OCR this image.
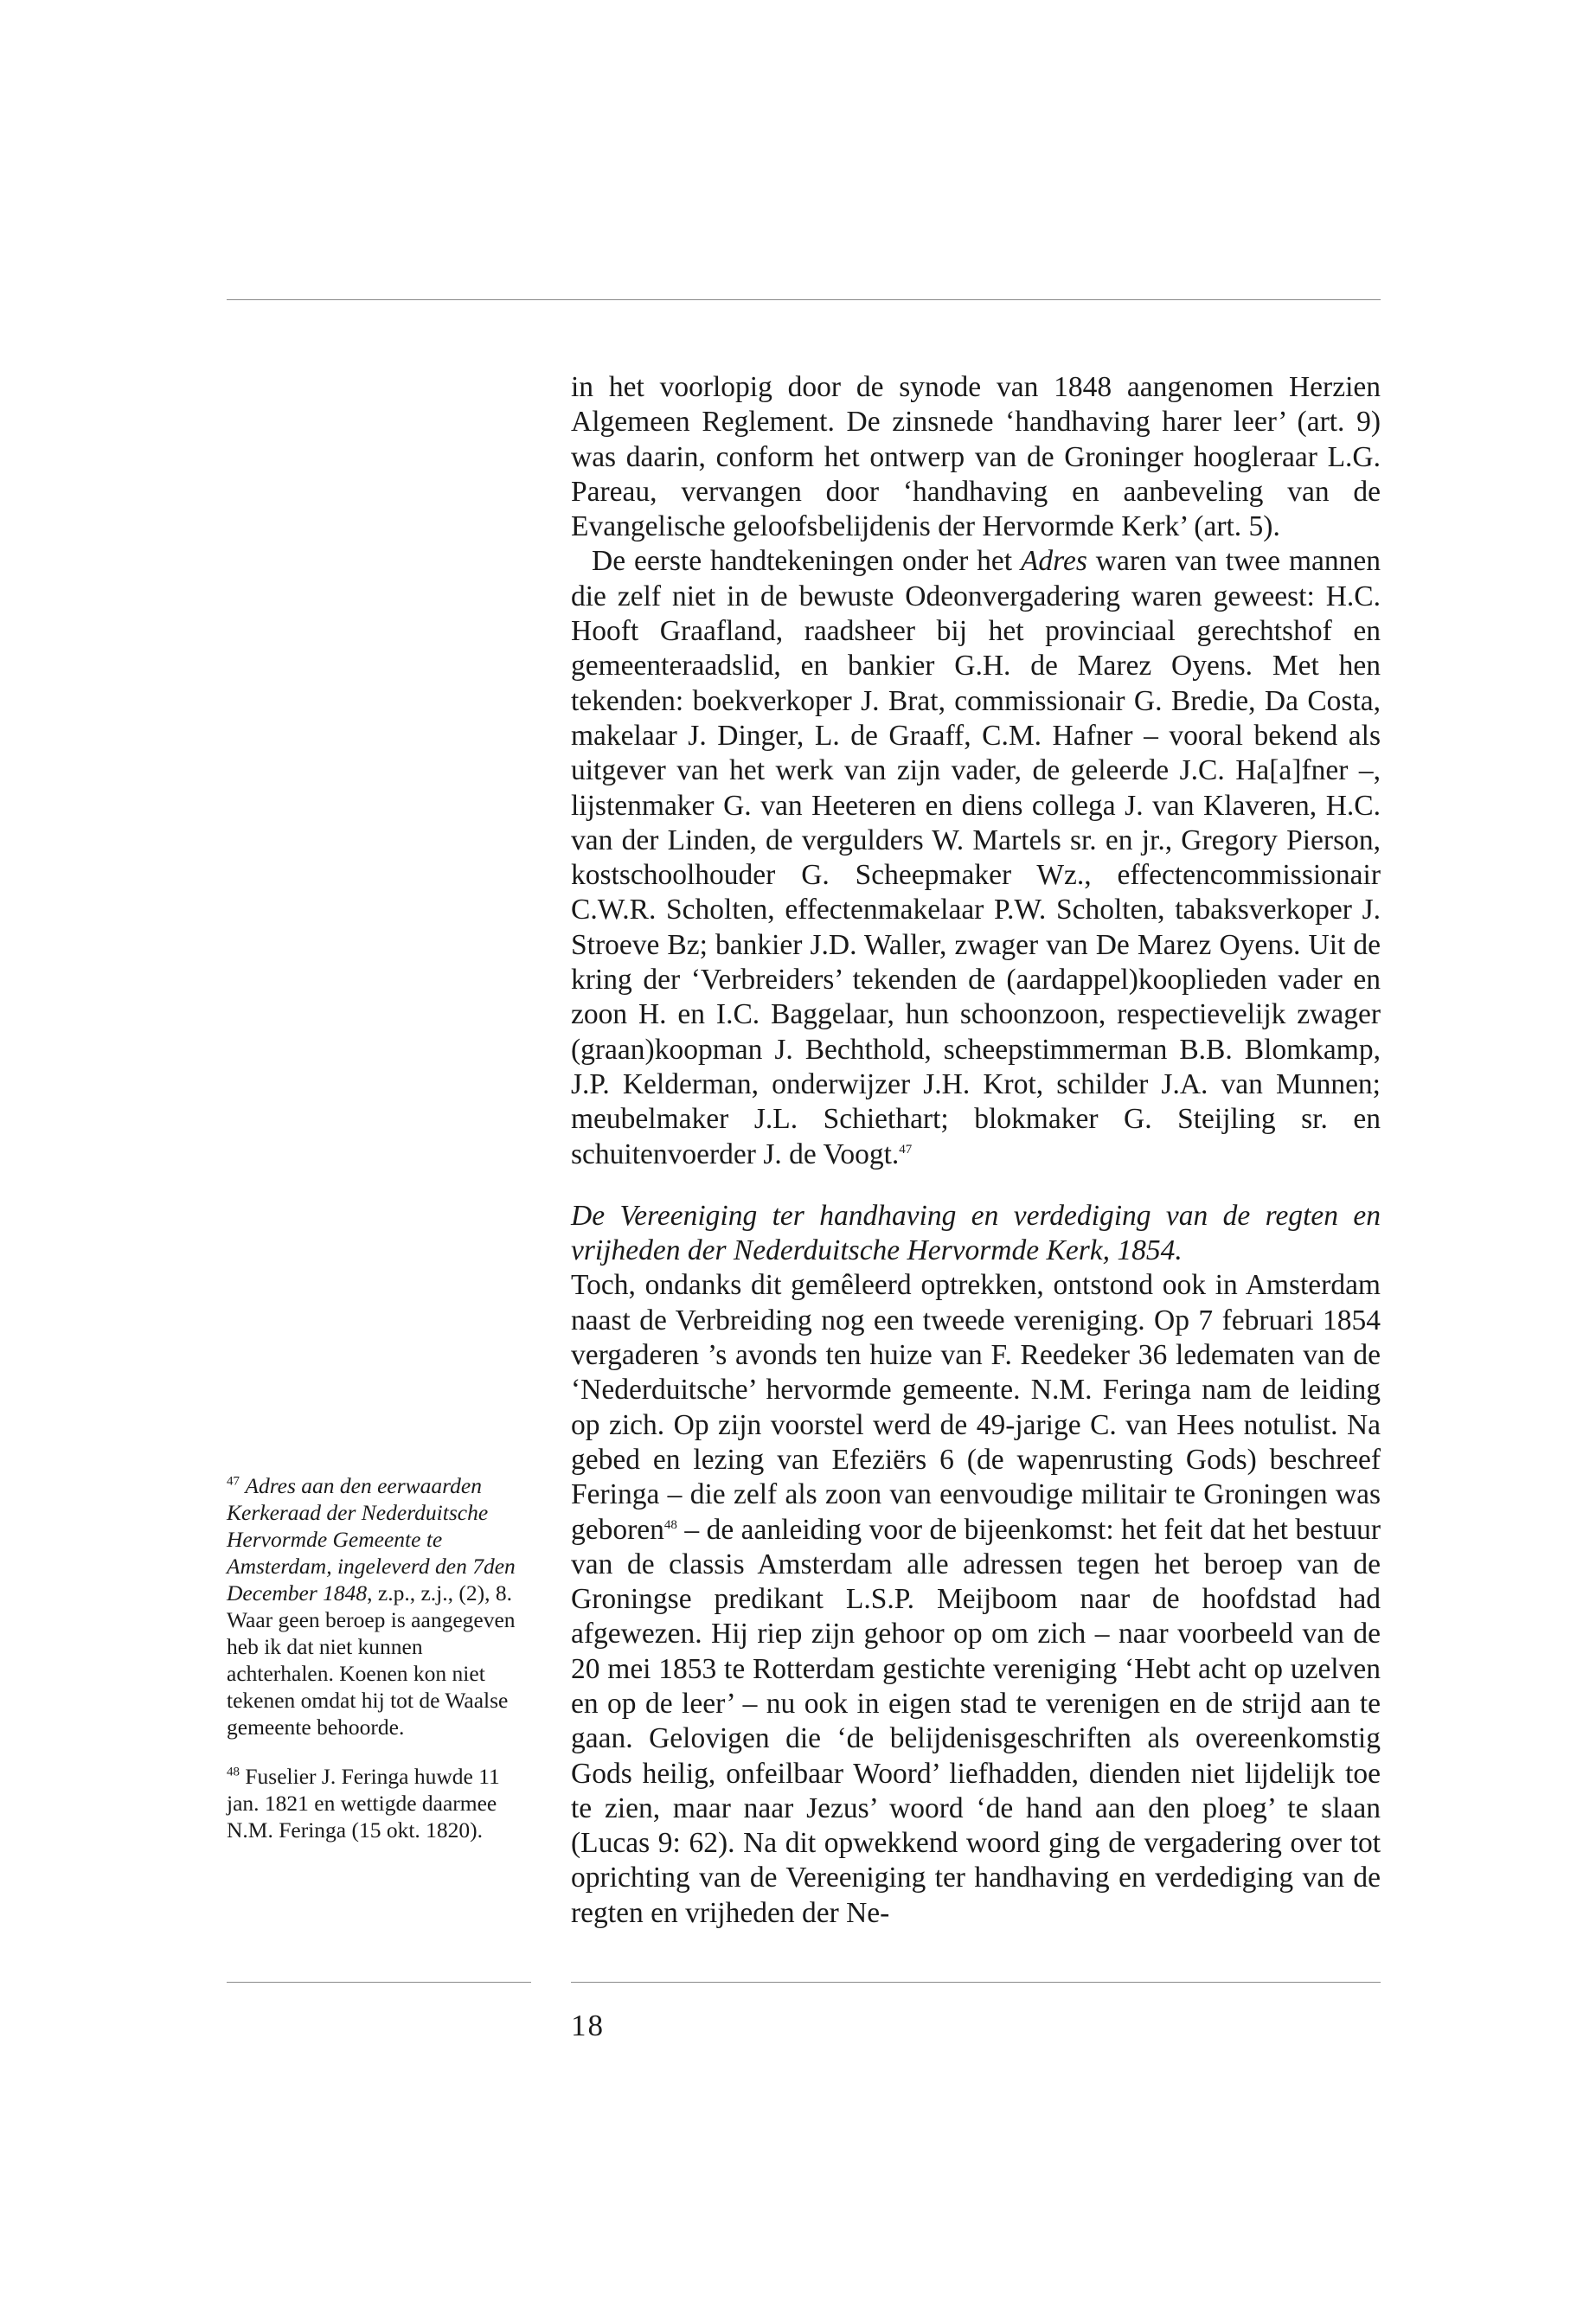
in het voorlopig door de synode van 1848 aangenomen Herzien Algemeen Reglement. De zinsnede ‘handhaving harer leer’ (art. 9) was daarin, conform het ontwerp van de Groninger hoogleraar L.G. Pareau, vervangen door ‘handhaving en aanbeveling van de Evangelische geloofsbelijdenis der Hervormde Kerk’ (art. 5).

De eerste handtekeningen onder het Adres waren van twee mannen die zelf niet in de bewuste Odeonvergadering waren geweest: H.C. Hooft Graafland, raadsheer bij het provinciaal gerechtshof en gemeenteraadslid, en bankier G.H. de Marez Oyens. Met hen tekenden: boekverkoper J. Brat, commissionair G. Bredie, Da Costa, makelaar J. Dinger, L. de Graaff, C.M. Hafner – vooral bekend als uitgever van het werk van zijn vader, de geleerde J.C. Ha[a]fner –, lijstenmaker G. van Heeteren en diens collega J. van Klaveren, H.C. van der Linden, de vergulders W. Martels sr. en jr., Gregory Pierson, kostschoolhouder G. Scheepmaker Wz., effectencommissionair C.W.R. Scholten, effectenmakelaar P.W. Scholten, tabaksverkoper J. Stroeve Bz; bankier J.D. Waller, zwager van De Marez Oyens. Uit de kring der ‘Verbreiders’ tekenden de (aardappel)kooplieden vader en zoon H. en I.C. Baggelaar, hun schoonzoon, respectievelijk zwager (graan)koopman J. Bechthold, scheepstimmerman B.B. Blomkamp, J.P. Kelderman, onderwijzer J.H. Krot, schilder J.A. van Munnen; meubelmaker J.L. Schiethart; blokmaker G. Steijling sr. en schuitenvoerder J. de Voogt.$^{47}$

De Vereeniging ter handhaving en verdediging van de regten en vrijheden der Nederduitsche Hervormde Kerk, 1854.

Toch, ondanks dit gemêleerd optrekken, ontstond ook in Amsterdam naast de Verbreiding nog een tweede vereniging. Op 7 februari 1854 vergaderen ’s avonds ten huize van F. Reedeker 36 ledematen van de ‘Nederduitsche’ hervormde gemeente. N.M. Feringa nam de leiding op zich. Op zijn voorstel werd de 49-jarige C. van Hees notulist. Na gebed en lezing van Efeziërs 6 (de wapenrusting Gods) beschreef Feringa – die zelf als zoon van eenvoudige militair te Groningen was geboren$^{48}$ – de aanleiding voor de bijeenkomst: het feit dat het bestuur van de classis Amsterdam alle adressen tegen het beroep van de Groningse predikant L.S.P. Meijboom naar de hoofdstad had afgewezen. Hij riep zijn gehoor op om zich – naar voorbeeld van de 20 mei 1853 te Rotterdam gestichte vereniging ‘Hebt acht op uzelven en op de leer’ – nu ook in eigen stad te verenigen en de strijd aan te gaan. Gelovigen die ‘de belijdenisgeschriften als overeenkomstig Gods heilig, onfeilbaar Woord’ liefhadden, dienden niet lijdelijk toe te zien, maar naar Jezus’ woord ‘de hand aan den ploeg’ te slaan (Lucas 9: 62). Na dit opwekkend woord ging de vergadering over tot oprichting van de Vereeniging ter handhaving en verdediging van de regten en vrijheden der Ne-

$^{47}$ Adres aan den eerwaarden Kerkeraad der Nederduitsche Hervormde Gemeente te Amsterdam, ingeleverd den 7den December 1848, z.p., z.j., (2), 8. Waar geen beroep is aangegeven heb ik dat niet kunnen achterhalen. Koenen kon niet tekenen omdat hij tot de Waalse gemeente behoorde.

$^{48}$ Fuselier J. Feringa huwde 11 jan. 1821 en wettigde daarmee N.M. Feringa (15 okt. 1820).

18
